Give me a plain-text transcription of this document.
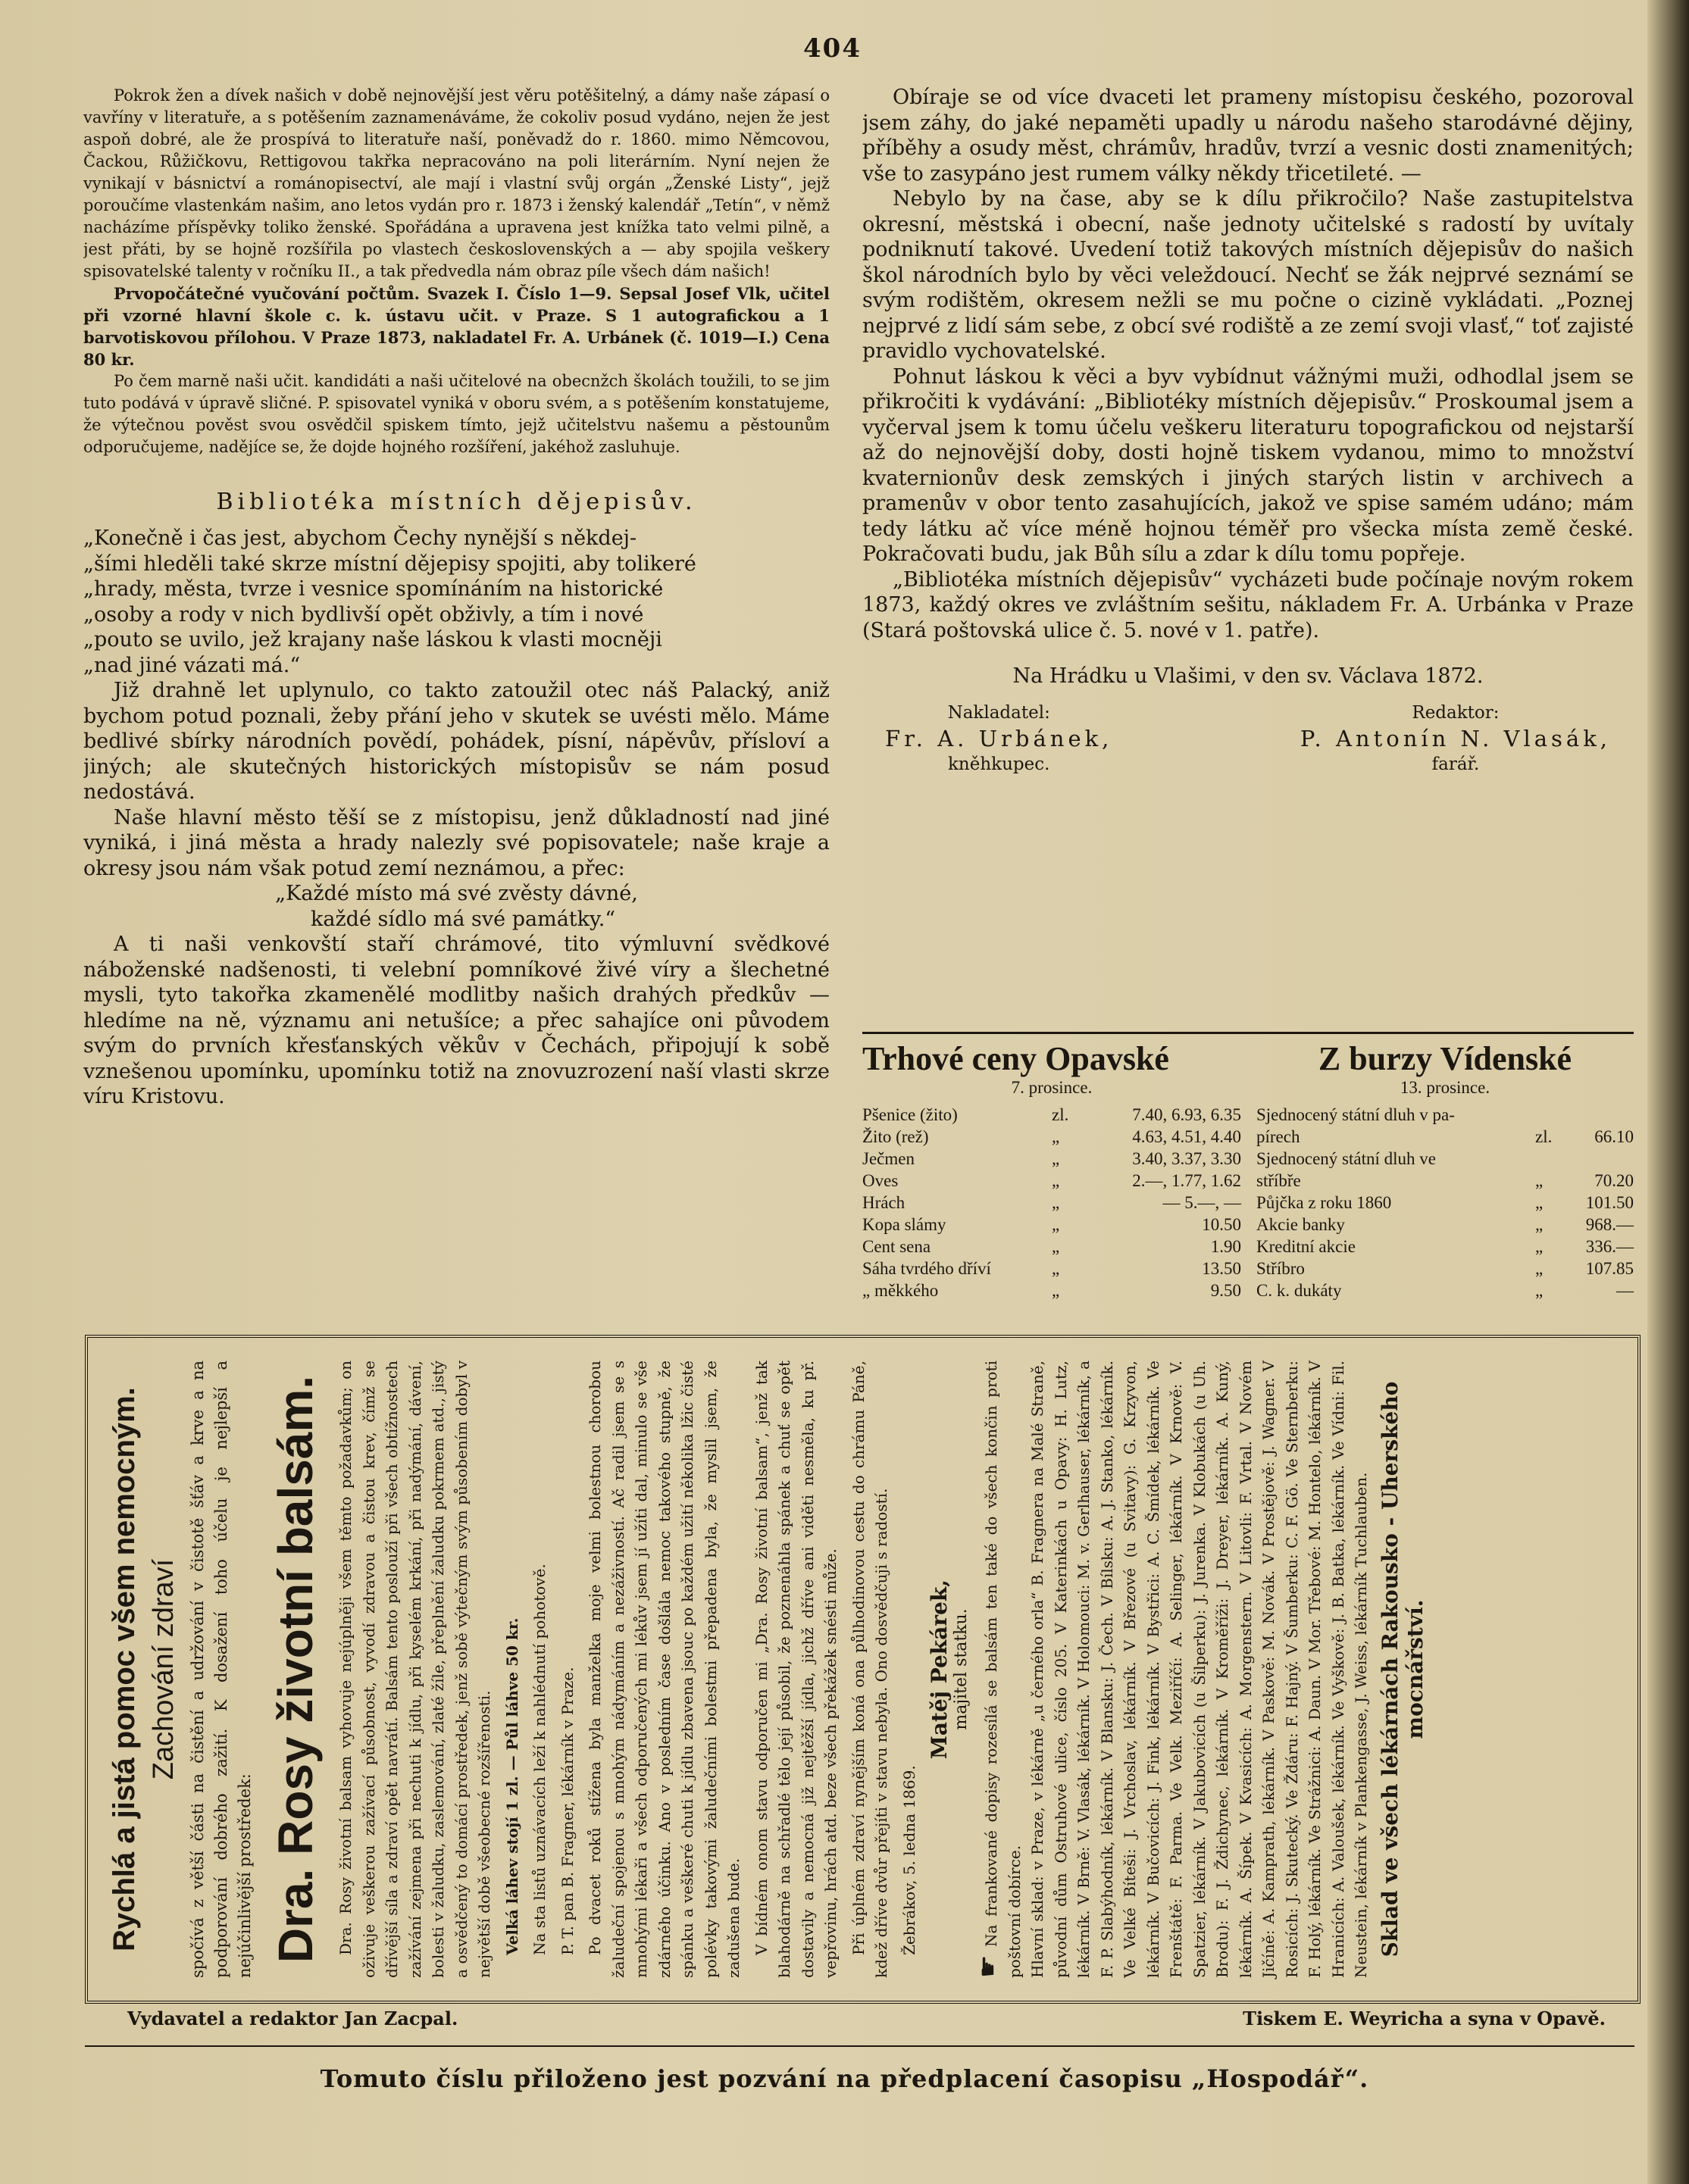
404

Pokrok žen a dívek našich v době nejnovější jest věru potěšitelný, a dámy naše zápasí o vavříny v literatuře, a s potěšením zaznamenáváme, že cokoliv posud vydáno, nejen že jest aspoň dobré, ale že prospívá to literatuře naší, poněvadž do r. 1860. mimo Němcovou, Čackou, Růžičkovu, Rettigovou takřka nepracováno na poli literárním. Nyní nejen že vynikají v básnictví a románopisectví, ale mají i vlastní svůj orgán „Ženské Listy“, jejž poroučíme vlastenkám našim, ano letos vydán pro r. 1873 i ženský kalendář „Tetín“, v němž nacházíme příspěvky toliko ženské. Spořádána a upravena jest knížka tato velmi pilně, a jest přáti, by se hojně rozšířila po vlastech československých a — aby spojila veškery spisovatelské talenty v ročníku II., a tak předvedla nám obraz píle všech dám našich!

Prvopočátečné vyučování počtům. Svazek I. Číslo 1—9. Sepsal Josef Vlk, učitel při vzorné hlavní škole c. k. ústavu učit. v Praze. S 1 autografickou a 1 barvotiskovou přílohou. V Praze 1873, nakladatel Fr. A. Urbánek (č. 1019—I.) Cena 80 kr.

Po čem marně naši učit. kandidáti a naši učitelové na obecnžch školách toužili, to se jim tuto podává v úpravě sličné. P. spisovatel vyniká v oboru svém, a s potěšením konstatujeme, že výtečnou pověst svou osvědčil spiskem tímto, jejž učitelstvu našemu a pěstounům odporučujeme, nadějíce se, že dojde hojného rozšíření, jakéhož zasluhuje.

Bibliotéka místních dějepisův.
„Konečně i čas jest, abychom Čechy nynější s někdej-
„šími hleděli také skrze místní dějepisy spojiti, aby tolikeré
„hrady, města, tvrze i vesnice spomínáním na historické
„osoby a rody v nich bydlivší opět obživly, a tím i nové
„pouto se uvilo, jež krajany naše láskou k vlasti mocněji
„nad jiné vázati má.“

Již drahně let uplynulo, co takto zatoužil otec náš Palacký, aniž bychom potud poznali, žeby přání jeho v skutek se uvésti mělo. Máme bedlivé sbírky národních povědí, pohádek, písní, nápěvův, přísloví a jiných; ale skutečných historických místopisův se nám posud nedostává.

Naše hlavní město těší se z místopisu, jenž důkladností nad jiné vyniká, i jiná města a hrady nalezly své popisovatele; naše kraje a okresy jsou nám však potud zemí neznámou, a přec:

„Každé místo má své zvěsty dávné,
každé sídlo má své památky.“

A ti naši venkovští staří chrámové, tito výmluvní svědkové náboženské nadšenosti, ti velební pomníkové živé víry a šlechetné mysli, tyto takořka zkamenělé modlitby našich drahých předkův — hledíme na ně, významu ani netušíce; a přec sahajíce oni původem svým do prvních křesťanských věkův v Čechách, připojují k sobě vznešenou upomínku, upomínku totiž na znovuzrození naší vlasti skrze víru Kristovu.

Obíraje se od více dvaceti let prameny místopisu českého, pozoroval jsem záhy, do jaké nepaměti upadly u národu našeho starodávné dějiny, příběhy a osudy měst, chrámův, hradův, tvrzí a vesnic dosti znamenitých; vše to zasypáno jest rumem války někdy třicetileté. —

Nebylo by na čase, aby se k dílu přikročilo? Naše zastupitelstva okresní, městská i obecní, naše jednoty učitelské s radostí by uvítaly podniknutí takové. Uvedení totiž takových místních dějepisův do našich škol národních bylo by věci veleždoucí. Nechť se žák nejprvé seznámí se svým rodištěm, okresem nežli se mu počne o cizině vykládati. „Poznej nejprvé z lidí sám sebe, z obcí své rodiště a ze zemí svoji vlasť,“ toť zajisté pravidlo vychovatelské.

Pohnut láskou k věci a byv vybídnut vážnými muži, odhodlal jsem se přikročiti k vydávání: „Bibliotéky místních dějepisův.“ Proskoumal jsem a vyčerval jsem k tomu účelu veškeru literaturu topografickou od nejstarší až do nejnovější doby, dosti hojně tiskem vydanou, mimo to množství kvaternionův desk zemských i jiných starých listin v archivech a pramenův v obor tento zasahujících, jakož ve spise samém udáno; mám tedy látku ač více méně hojnou téměř pro všecka místa země české. Pokračovati budu, jak Bůh sílu a zdar k dílu tomu popřeje.

„Bibliotéka místních dějepisův“ vycházeti bude počínaje novým rokem 1873, každý okres ve zvláštním sešitu, nákladem Fr. A. Urbánka v Praze (Stará poštovská ulice č. 5. nové v 1. patře).

Na Hrádku u Vlašimi, v den sv. Václava 1872.
Nakladatel:
Fr. A. Urbánek,
kněhkupec.
Redaktor:
P. Antonín N. Vlasák,
farář.
Trhové ceny Opavské
7. prosince.
Pšenice (žito)	zl.	7.40, 6.93, 6.35
Žito (rež)	„	4.63, 4.51, 4.40
Ječmen	„	3.40, 3.37, 3.30
Oves	„	2.—, 1.77, 1.62
Hrách	„	— 5.—, —
Kopa slámy	„	10.50
Cent sena	„	1.90
Sáha tvrdého dříví	„	13.50
„ měkkého	„	9.50
Z burzy Vídenské
13. prosince.
Sjednocený státní dluh v pa-
pírech	zl.	66.10
Sjednocený státní dluh ve
stříbře	„	70.20
Půjčka z roku 1860	„	101.50
Akcie banky	„	968.—
Kreditní akcie	„	336.—
Stříbro	„	107.85
C. k. dukáty	„	—
Rychlá a jistá pomoc všem nemocným. Zachování zdraví spočívá z větší části na čistění a udržování v čistotě šťáv a krve a na podporování dobrého zažití. K dosažení toho účelu je nejlepší a nejúčinlivější prostředek: Dra. Rosy životní balsám. Dra. Rosy životní balsam vyhovuje nejúplněji všem těmto požadavkům; on oživuje veškerou zažívací působnost, vyvodí zdravou a čistou krev, čímž se dřívější síla a zdraví opět navrátí. Balsám tento poslouží při všech obtížnostech zažívání zejmena při nechuti k jídlu, při kyselém krkání, při nadýmání, dávení, bolesti v žaludku, zaslemování, zlaté žíle, přeplnění žaludku pokrmem atd., jistý a osvědčený to domácí prostředek, jenž sobě výtečným svým působením dobyl v největší době všeobecné rozšířenosti. Velká láhev stojí 1 zl. — Půl láhve 50 kr. Na sta listů uznávacích leží k nahlédnutí pohotově. P. T. pan B. Fragner, lékárník v Praze. Po dvacet roků stížena byla manželka moje velmi bolestnou chorobou žaludeční spojenou s mnohým nádymáním a nezáživností. Ač radil jsem se s mnohými lékaři a všech odporučených mi lékův jsem jí užíti dal, minulo se vše zdárného účinku. Ano v posledním čase došlála nemoc takového stupně, že spánku a veškeré chuti k jídlu zbavena jsouc po každém užití několika lžic čisté polévky takovými žaludečními bolestmi přepadena byla, že myslil jsem, že zadušena bude. V bídném onom stavu odporučen mi „Dra. Rosy životní balsam“, jenž tak blahodárně na schřadlé tělo její působil, že poznenáhla spánek a chuť se opět dostavily a nemocná již nejtěžší jídla, jichž dříve ani viděti nesměla, ku př. vepřovinu, hrách atd. beze všech překážek snésti může. Při úplném zdraví nynějším koná ona půlhodinovou cestu do chrámu Páně, kdež dříve dvůr přejíti v stavu nebyla. Ono dosvědčuji s radostí. Žebrákov, 5. ledna 1869.

Matěj Pekárek, majitel statku.
☛ Na frankované dopisy rozesílá se balsám ten také do všech končin proti poštovní dobírce. Hlavní sklad: v Praze, v lékárně „u černého orla“ B. Fragnera na Malé Straně, původní dům Ostruhové ulice, číslo 205. V Katerinkách u Opavy: H. Lutz, lékárník. V Brně: V. Vlasák, lékárník. V Holomouci: M. v. Gerlhauser, lékárník, a F. P. Slabýhodník, lékárník. V Blansku: J. Čech. V Bílsku: A. J. Stanko, lékárník. Ve Velké Bíteši: J. Vrchoslav, lékárník. V Březové (u Svitavy): G. Krzyvon, lékárník. V Bučovicích: J. Fink, lékárník. V Bystřici: A. C. Šmídek, lékárník. Ve Frenštátě: F. Parma. Ve Velk. Meziříčí: A. Selinger, lékárník. V Krnově: V. Spatzier, lékárník. V Jakubovicích (u Šilperku): J. Jurenka. V Klobukách (u Uh. Brodu): F. J. Ždichynec, lékárník. V Kroměříži: J. Dreyer, lékárník. A. Kuný, lékárník. A. Šípek. V Kvasicích: A. Morgenstern. V Litovli: F. Vrtal. V Novém Jičíně: A. Kamprath, lékárník. V Paskově: M. Novák. V Prostějově: J. Wagner. V Rosicích: J. Skutecký. Ve Ždáru: F. Hajný. V Šumberku: C. F. Gö. Ve Sternberku: F. Holý, lékárník. Ve Strážnici: A. Daun. V Mor. Třebové: M. Hontelo, lékárník. V Hranicích: A. Valoušek, lékárník. Ve Vyškově: J. B. Batka, lékárník. Ve Vídni: Fil. Neustein, lékárník v Plankengasse, J. Weiss, lékárník Tuchlauben. Sklad ve všech lékárnách Rakousko - Uherského mocnářství.
Vydavatel a redaktor Jan Zacpal.	Tiskem E. Weyricha a syna v Opavě.
Tomuto číslu přiloženo jest pozvání na předplacení časopisu „Hospodář“.
